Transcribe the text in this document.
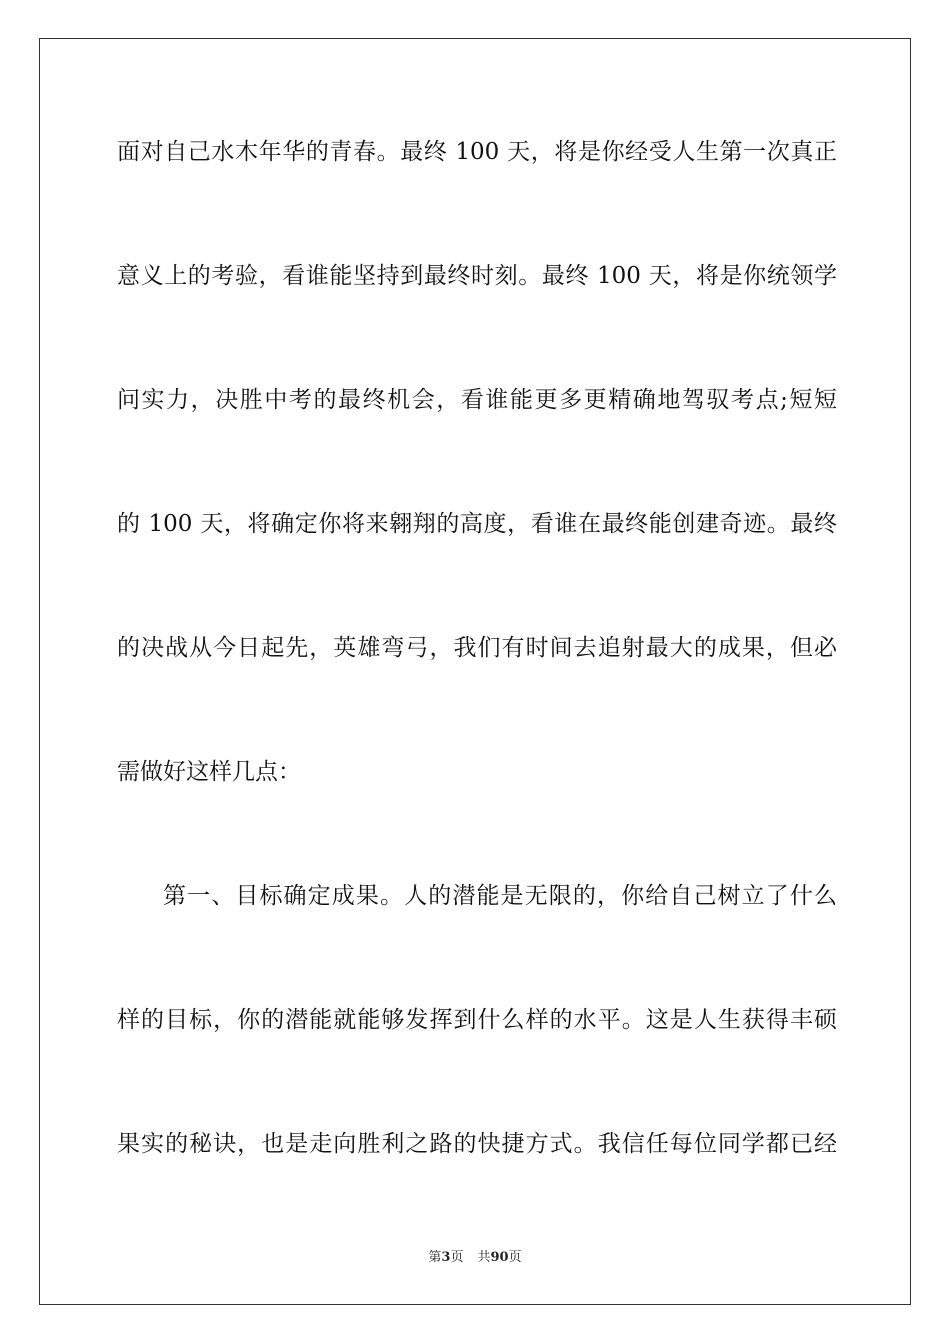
面对自己水木年华的青春。最终 100 天，将是你经受人生第一次真正
意义上的考验，看谁能坚持到最终时刻。最终 100 天，将是你统领学
问实力，决胜中考的最终机会，看谁能更多更精确地驾驭考点;短短
的 100 天，将确定你将来翱翔的高度，看谁在最终能创建奇迹。最终
的决战从今日起先，英雄弯弓，我们有时间去追射最大的成果，但必
需做好这样几点：
第一、目标确定成果。人的潜能是无限的，你给自己树立了什么
样的目标，你的潜能就能够发挥到什么样的水平。这是人生获得丰硕
果实的秘诀，也是走向胜利之路的快捷方式。我信任每位同学都已经
第3页 共90页
